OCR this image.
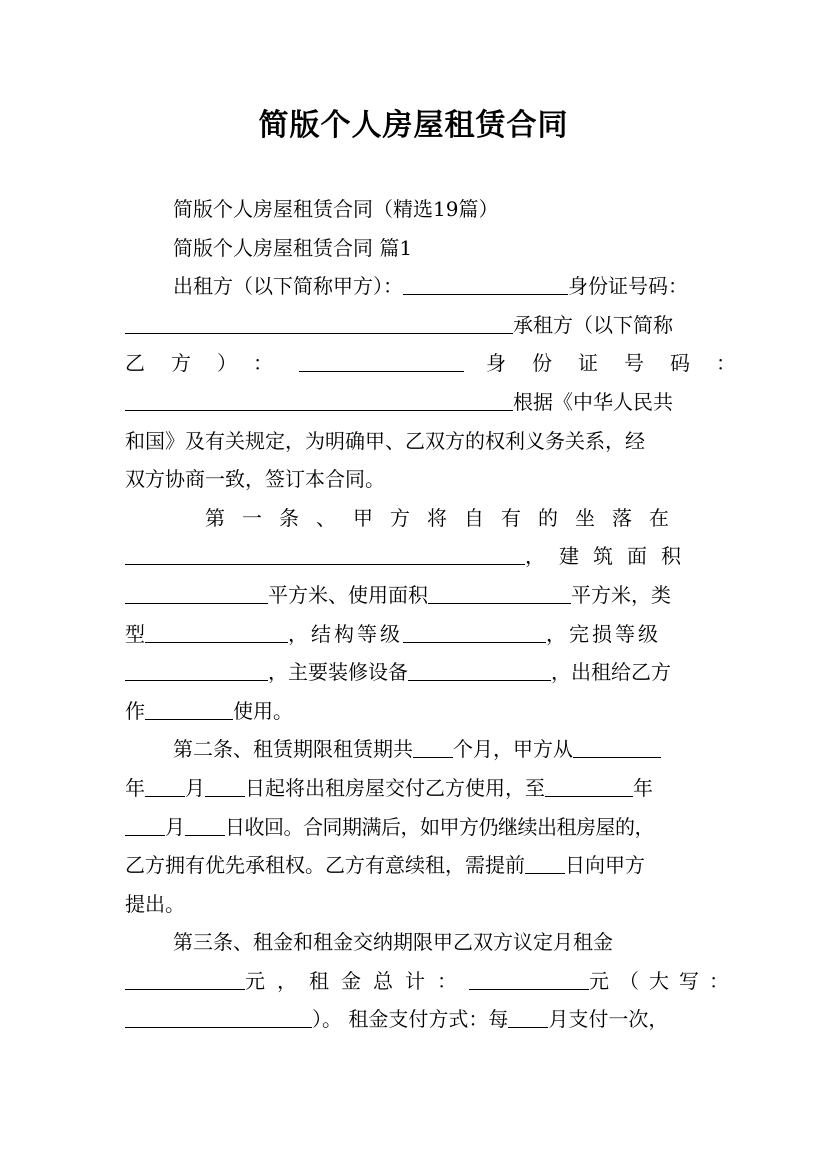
简版个人房屋租赁合同
简版个人房屋租赁合同（精选19篇）
简版个人房屋租赁合同 篇1
出租方（以下简称甲方）：	身份证号码：
承租方（以下简称
乙方）：	身份证号码：
根据《中华人民共
和国》及有关规定，为明确甲、乙双方的权利义务关系，经
双方协商一致，签订本合同。
第一条、甲方将自有的坐落在
，建筑面积
平方米、使用面积	平方米，类
型	，结构等级	，完损等级
，主要装修设备	，出租给乙方
作	使用。
第二条、租赁期限租赁期共 个月，甲方从
年 月 日起将出租房屋交付乙方使用，至	年
月 日收回。合同期满后，如甲方仍继续出租房屋的，
乙方拥有优先承租权。乙方有意续租，需提前 日向甲方
提出。
第三条、租金和租金交纳期限甲乙双方议定月租金
元，租金总计：	元（大写：
）。 租金支付方式：每 月支付一次，
